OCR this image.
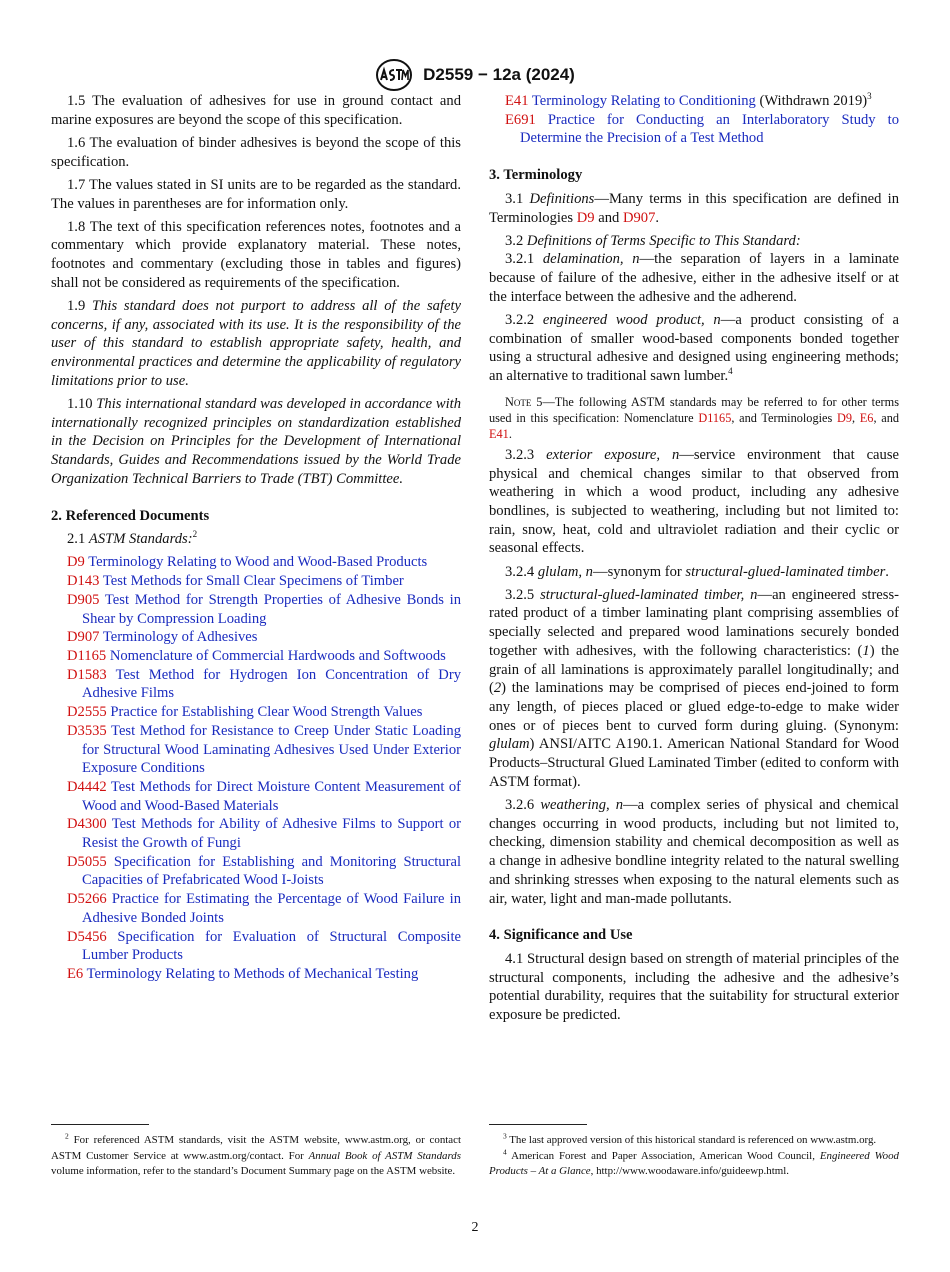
D2559 − 12a (2024)

1.5 The evaluation of adhesives for use in ground contact and marine exposures are beyond the scope of this specification.

1.6 The evaluation of binder adhesives is beyond the scope of this specification.

1.7 The values stated in SI units are to be regarded as the standard. The values in parentheses are for information only.

1.8 The text of this specification references notes, footnotes and a commentary which provide explanatory material. These notes, footnotes and commentary (excluding those in tables and figures) shall not be considered as requirements of the specification.

1.9 This standard does not purport to address all of the safety concerns, if any, associated with its use. It is the responsibility of the user of this standard to establish appropriate safety, health, and environmental practices and determine the applicability of regulatory limitations prior to use.

1.10 This international standard was developed in accordance with internationally recognized principles on standardization established in the Decision on Principles for the Development of International Standards, Guides and Recommendations issued by the World Trade Organization Technical Barriers to Trade (TBT) Committee.

2. Referenced Documents

2.1 ASTM Standards:$^2$

D9 Terminology Relating to Wood and Wood-Based Products

D143 Test Methods for Small Clear Specimens of Timber

D905 Test Method for Strength Properties of Adhesive Bonds in Shear by Compression Loading

D907 Terminology of Adhesives

D1165 Nomenclature of Commercial Hardwoods and Softwoods

D1583 Test Method for Hydrogen Ion Concentration of Dry Adhesive Films

D2555 Practice for Establishing Clear Wood Strength Values

D3535 Test Method for Resistance to Creep Under Static Loading for Structural Wood Laminating Adhesives Used Under Exterior Exposure Conditions

D4442 Test Methods for Direct Moisture Content Measurement of Wood and Wood-Based Materials

D4300 Test Methods for Ability of Adhesive Films to Support or Resist the Growth of Fungi

D5055 Specification for Establishing and Monitoring Structural Capacities of Prefabricated Wood I-Joists

D5266 Practice for Estimating the Percentage of Wood Failure in Adhesive Bonded Joints

D5456 Specification for Evaluation of Structural Composite Lumber Products

E6 Terminology Relating to Methods of Mechanical Testing

E41 Terminology Relating to Conditioning (Withdrawn 2019)$^3$

E691 Practice for Conducting an Interlaboratory Study to Determine the Precision of a Test Method

3. Terminology

3.1 Definitions—Many terms in this specification are defined in Terminologies D9 and D907.

3.2 Definitions of Terms Specific to This Standard:

3.2.1 delamination, n—the separation of layers in a laminate because of failure of the adhesive, either in the adhesive itself or at the interface between the adhesive and the adherend.

3.2.2 engineered wood product, n—a product consisting of a combination of smaller wood-based components bonded together using a structural adhesive and designed using engineering methods; an alternative to traditional sawn lumber.$^4$

Note 5—The following ASTM standards may be referred to for other terms used in this specification: Nomenclature D1165, and Terminologies D9, E6, and E41.

3.2.3 exterior exposure, n—service environment that cause physical and chemical changes similar to that observed from weathering in which a wood product, including any adhesive bondlines, is subjected to weathering, including but not limited to: rain, snow, heat, cold and ultraviolet radiation and their cyclic or seasonal effects.

3.2.4 glulam, n—synonym for structural-glued-laminated timber.

3.2.5 structural-glued-laminated timber, n—an engineered stress-rated product of a timber laminating plant comprising assemblies of specially selected and prepared wood laminations securely bonded together with adhesives, with the following characteristics: (1) the grain of all laminations is approximately parallel longitudinally; and (2) the laminations may be comprised of pieces end-joined to form any length, of pieces placed or glued edge-to-edge to make wider ones or of pieces bent to curved form during gluing. (Synonym: glulam) ANSI/AITC A190.1. American National Standard for Wood Products–Structural Glued Laminated Timber (edited to conform with ASTM format).

3.2.6 weathering, n—a complex series of physical and chemical changes occurring in wood products, including but not limited to, checking, dimension stability and chemical decomposition as well as a change in adhesive bondline integrity related to the natural swelling and shrinking stresses when exposing to the natural elements such as air, water, light and man-made pollutants.

4. Significance and Use

4.1 Structural design based on strength of material principles of the structural components, including the adhesive and the adhesive’s potential durability, requires that the suitability for structural exterior exposure be predicted.

$^2$ For referenced ASTM standards, visit the ASTM website, www.astm.org, or contact ASTM Customer Service at www.astm.org/contact. For Annual Book of ASTM Standards volume information, refer to the standard’s Document Summary page on the ASTM website.

$^3$ The last approved version of this historical standard is referenced on www.astm.org.

$^4$ American Forest and Paper Association, American Wood Council, Engineered Wood Products – At a Glance, http://www.woodaware.info/guideewp.html.

2
